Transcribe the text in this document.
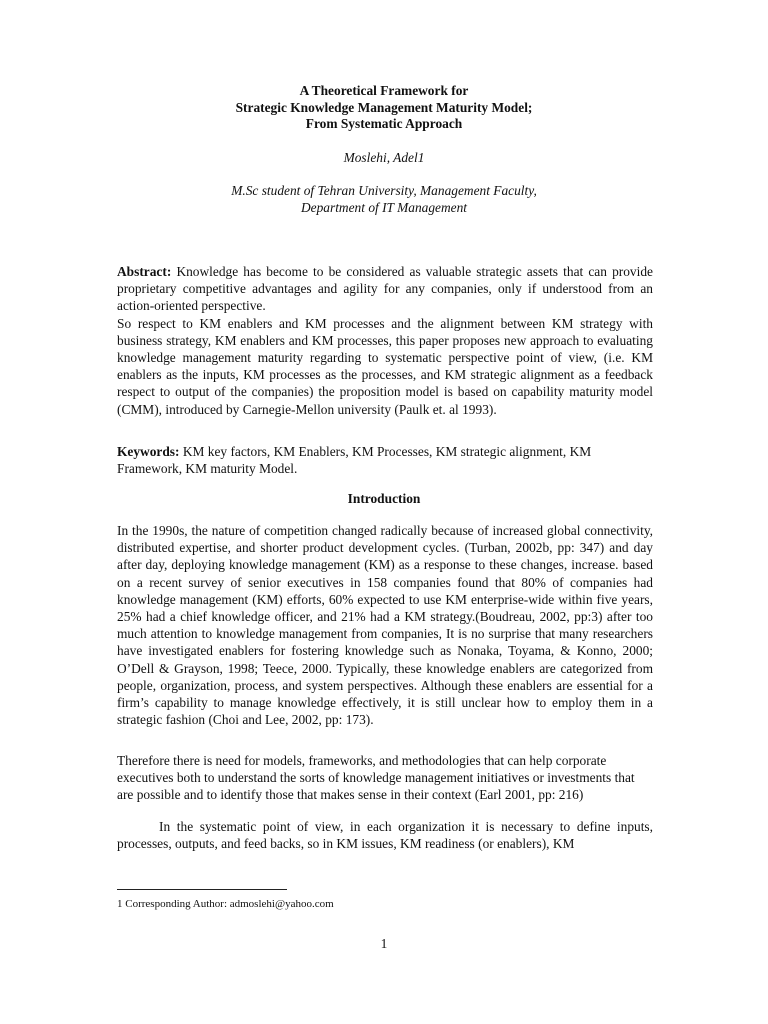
A Theoretical Framework for
Strategic Knowledge Management Maturity Model;
From Systematic Approach
Moslehi, Adel1
M.Sc student of Tehran University, Management Faculty,
Department of IT Management

Abstract: Knowledge has become to be considered as valuable strategic assets that can provide proprietary competitive advantages and agility for any companies, only if understood from an action-oriented perspective.

So respect to KM enablers and KM processes and the alignment between KM strategy with business strategy, KM enablers and KM processes, this paper proposes new approach to evaluating knowledge management maturity regarding to systematic perspective point of view, (i.e. KM enablers as the inputs, KM processes as the processes, and KM strategic alignment as a feedback respect to output of the companies) the proposition model is based on capability maturity model (CMM), introduced by Carnegie-Mellon university (Paulk et. al 1993).

Keywords: KM key factors, KM Enablers, KM Processes, KM strategic alignment, KM Framework, KM maturity Model.

Introduction

In the 1990s, the nature of competition changed radically because of increased global connectivity, distributed expertise, and shorter product development cycles. (Turban, 2002b, pp: 347) and day after day, deploying knowledge management (KM) as a response to these changes, increase. based on a recent survey of senior executives in 158 companies found that 80% of companies had knowledge management (KM) efforts, 60% expected to use KM enterprise-wide within five years, 25% had a chief knowledge officer, and 21% had a KM strategy.(Boudreau, 2002, pp:3) after too much attention to knowledge management from companies, It is no surprise that many researchers have investigated enablers for fostering knowledge such as Nonaka, Toyama, & Konno, 2000; O’Dell & Grayson, 1998; Teece, 2000. Typically, these knowledge enablers are categorized from people, organization, process, and system perspectives. Although these enablers are essential for a firm’s capability to manage knowledge effectively, it is still unclear how to employ them in a strategic fashion (Choi and Lee, 2002, pp: 173).

Therefore there is need for models, frameworks, and methodologies that can help corporate executives both to understand the sorts of knowledge management initiatives or investments that are possible and to identify those that makes sense in their context (Earl 2001, pp: 216)

In the systematic point of view, in each organization it is necessary to define inputs, processes, outputs, and feed backs, so in KM issues, KM readiness (or enablers), KM

1 Corresponding Author: admoslehi@yahoo.com
1
